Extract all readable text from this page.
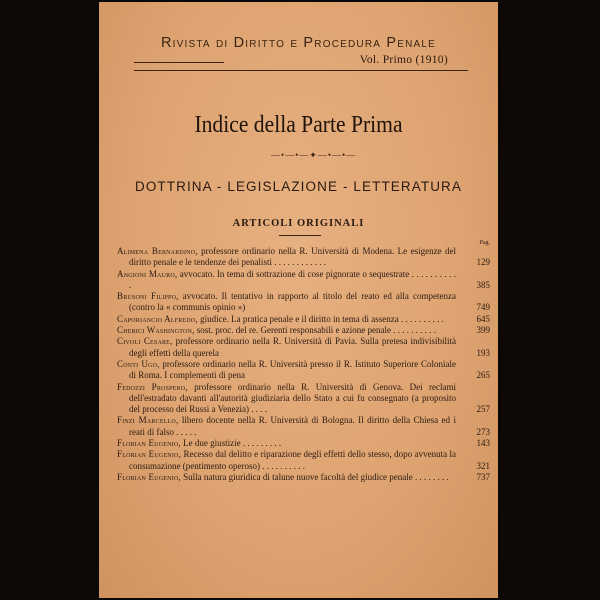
Rivista di Diritto e Procedura Penale
Vol. Primo (1910)
Indice della Parte Prima
—•—•—✦—•—•—
DOTTRINA - LEGISLAZIONE - LETTERATURA
ARTICOLI ORIGINALI
Pag.
Alimena Bernardino, professore ordinario nella R. Università di Modena. Le esigenze del diritto penale e le tendenze dei penalisti . . . . . . . . . . . .	129
Angioni Mauro, avvocato. In tema di sottrazione di cose pignorate o sequestrate . . . . . . . . . . .	385
Brusoni Filippo, avvocato. Il tentativo in rapporto al titolo del reato ed alla competenza (contro la « communis opinio »)	749
Caporiancio Alfredo, giudice. La pratica penale e il diritto in tema di assenza . . . . . . . . . .	645
Cherici Washington, sost. proc. del re. Gerenti responsabili e azione penale . . . . . . . . . .	399
Civoli Cesare, professore ordinario nella R. Università di Pavia. Sulla pretesa indivisibilità degli effetti della querela	193
Conti Ugo, professore ordinario nella R. Università presso il R. Istituto Superiore Coloniale di Roma. I complementi di pena	265
Fedozzi Prospero, professore ordinario nella R. Università di Genova. Dei reclami dell'estradato davanti all'autorità giudiziaria dello Stato a cui fu consegnato (a proposito del processo dei Russi a Venezia) . . . .	257
Finzi Marcello, libero docente nella R. Università di Bologna. Il diritto della Chiesa ed i reati di falso . . . . .	273
Florian Eugenio, Le due giustizie . . . . . . . . .	143
Florian Eugenio, Recesso dal delitto e riparazione degli effetti dello stesso, dopo avvenuta la consumazione (pentimento operoso) . . . . . . . . . .	321
Florian Eugenio, Sulla natura giuridica di talune nuove facoltà del giudice penale . . . . . . . .	737
